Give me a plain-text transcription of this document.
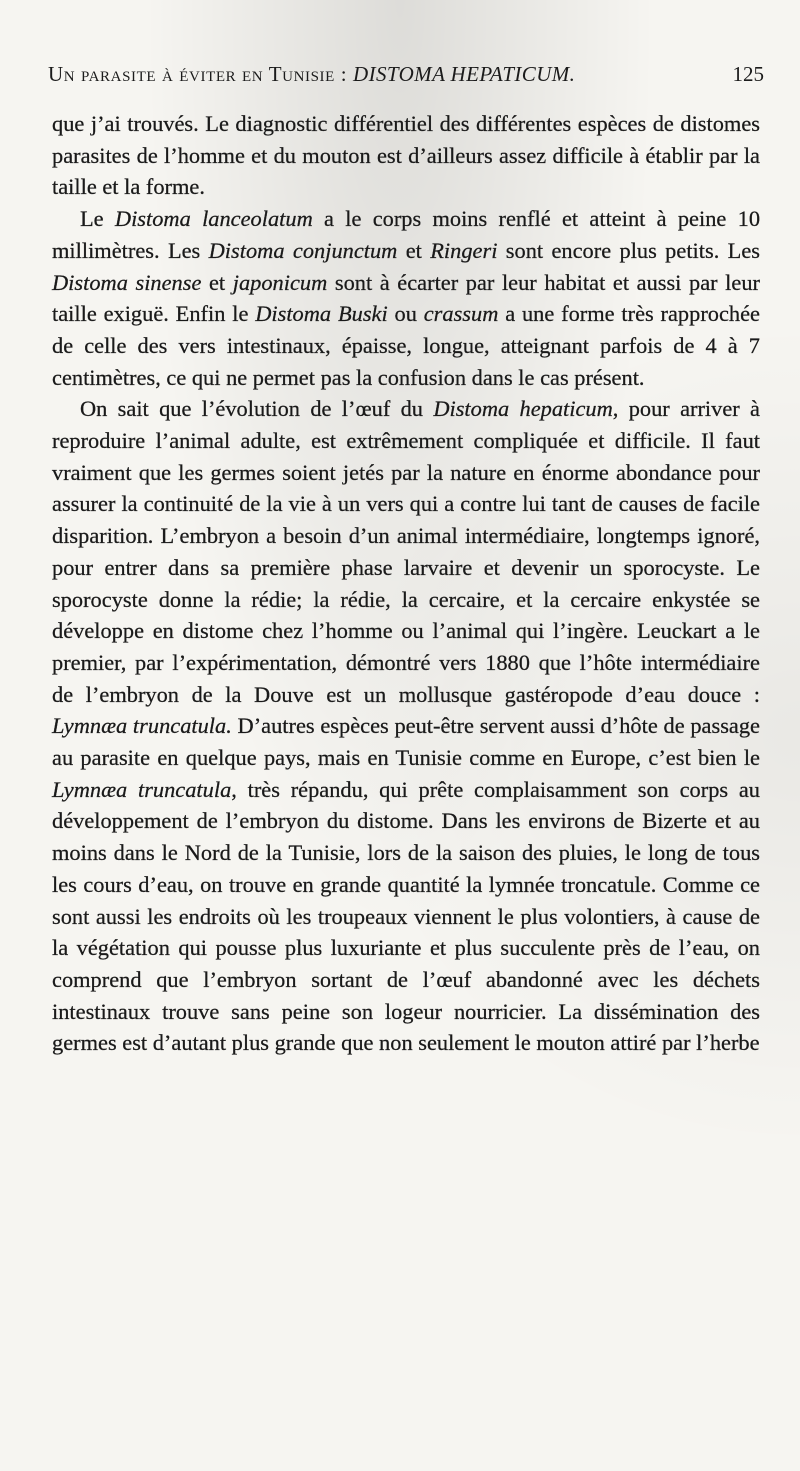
Un parasite à éviter en Tunisie : DISTOMA HEPATICUM.	125

que j’ai trouvés. Le diagnostic différentiel des différentes espèces de distomes parasites de l’homme et du mouton est d’ailleurs assez difficile à établir par la taille et la forme.

Le Distoma lanceolatum a le corps moins renflé et atteint à peine 10 millimètres. Les Distoma conjunctum et Ringeri sont encore plus petits. Les Distoma sinense et japonicum sont à écarter par leur habitat et aussi par leur taille exiguë. Enfin le Distoma Buski ou crassum a une forme très rapprochée de celle des vers intestinaux, épaisse, longue, atteignant parfois de 4 à 7 centimètres, ce qui ne permet pas la confusion dans le cas présent.

On sait que l’évolution de l’œuf du Distoma hepaticum, pour arriver à reproduire l’animal adulte, est extrêmement compliquée et difficile. Il faut vraiment que les germes soient jetés par la nature en énorme abondance pour assurer la continuité de la vie à un vers qui a contre lui tant de causes de facile disparition. L’embryon a besoin d’un animal intermédiaire, longtemps ignoré, pour entrer dans sa première phase larvaire et devenir un sporocyste. Le sporocyste donne la rédie; la rédie, la cercaire, et la cercaire enkystée se développe en distome chez l’homme ou l’animal qui l’ingère. Leuckart a le premier, par l’expérimentation, démontré vers 1880 que l’hôte intermédiaire de l’embryon de la Douve est un mollusque gastéropode d’eau douce : Lymnæa truncatula. D’autres espèces peut-être servent aussi d’hôte de passage au parasite en quelque pays, mais en Tunisie comme en Europe, c’est bien le Lymnæa truncatula, très répandu, qui prête complaisamment son corps au développement de l’embryon du distome. Dans les environs de Bizerte et au moins dans le Nord de la Tunisie, lors de la saison des pluies, le long de tous les cours d’eau, on trouve en grande quantité la lymnée troncatule. Comme ce sont aussi les endroits où les troupeaux viennent le plus volontiers, à cause de la végétation qui pousse plus luxuriante et plus succulente près de l’eau, on comprend que l’embryon sortant de l’œuf abandonné avec les déchets intestinaux trouve sans peine son logeur nourricier. La dissémination des germes est d’autant plus grande que non seulement le mouton attiré par l’herbe
